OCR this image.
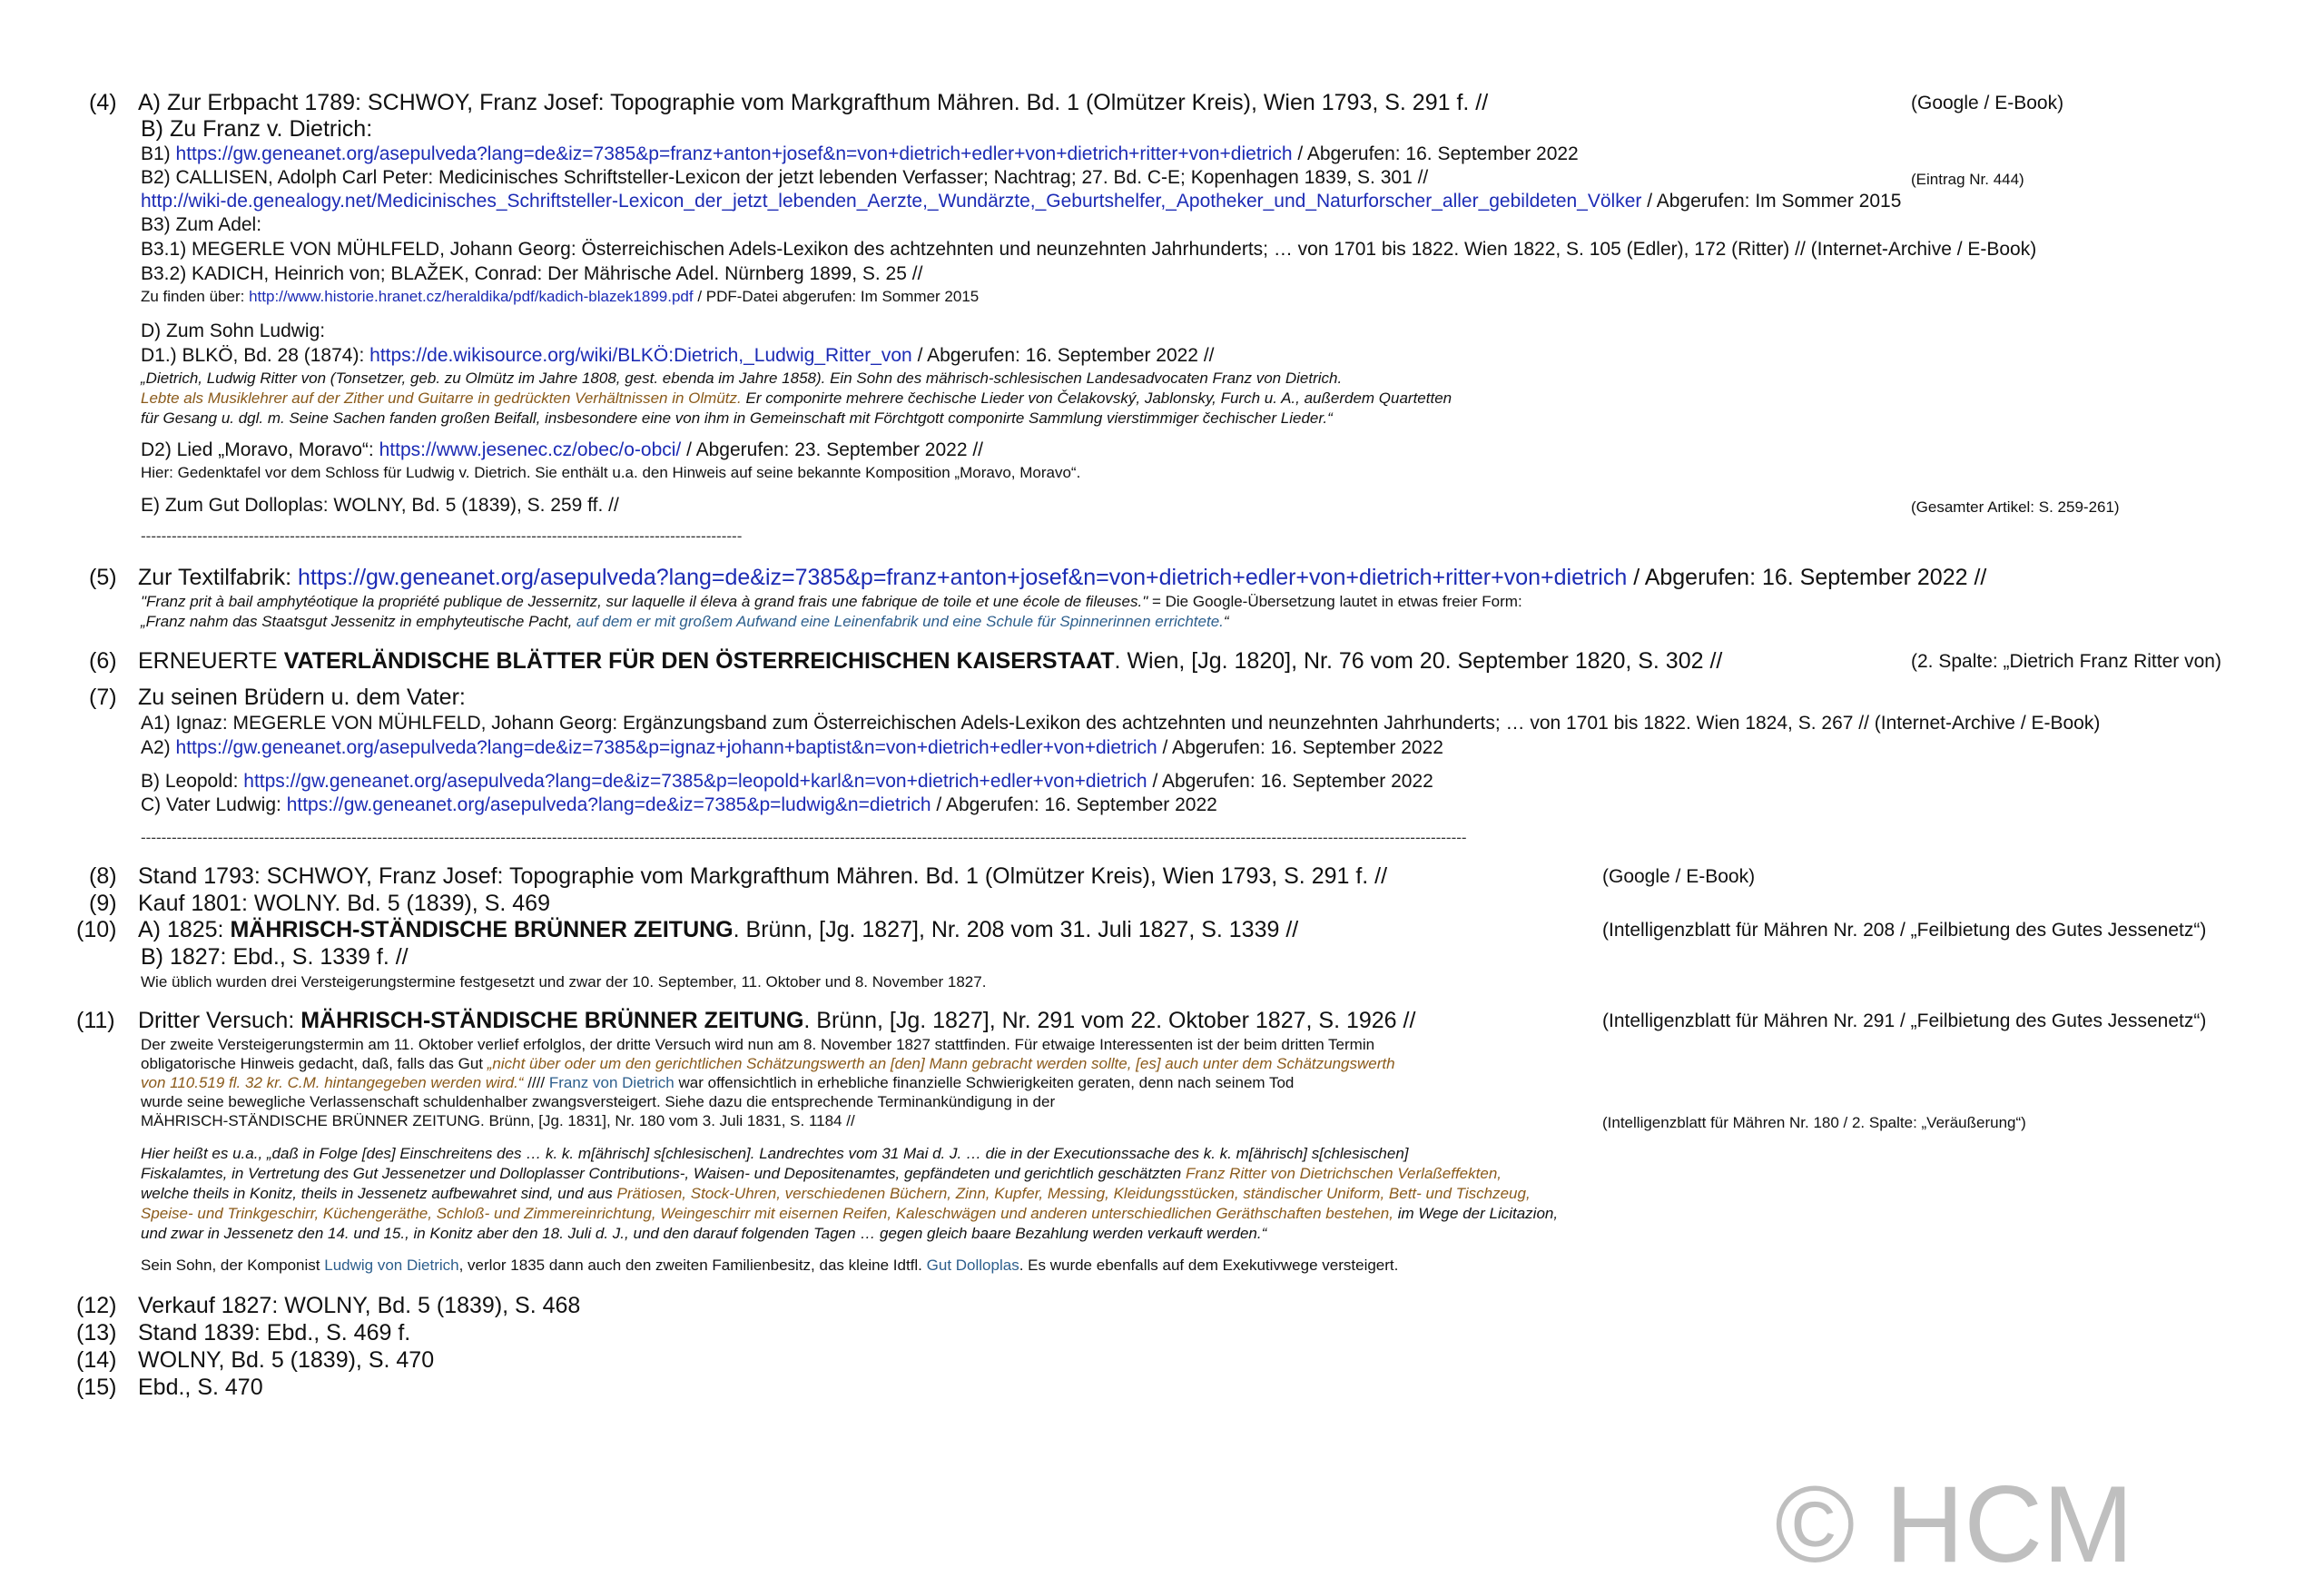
(4) A) Zur Erbpacht 1789: SCHWOY, Franz Josef: Topographie vom Markgrafthum Mähren. Bd. 1 (Olmützer Kreis), Wien 1793, S. 291 f. //	(Google / E-Book)
B) Zu Franz v. Dietrich:
B1) https://gw.geneanet.org/asepulveda?lang=de&iz=7385&p=franz+anton+josef&n=von+dietrich+edler+von+dietrich+ritter+von+dietrich / Abgerufen: 16. September 2022
B2) CALLISEN, Adolph Carl Peter: Medicinisches Schriftsteller-Lexicon der jetzt lebenden Verfasser; Nachtrag; 27. Bd. C-E; Kopenhagen 1839, S. 301 //	(Eintrag Nr. 444)
http://wiki-de.genealogy.net/Medicinisches_Schriftsteller-Lexicon_der_jetzt_lebenden_Aerzte,_Wundärzte,_Geburtshelfer,_Apotheker_und_Naturforscher_aller_gebildeten_Völker / Abgerufen: Im Sommer 2015
B3) Zum Adel:
B3.1) MEGERLE VON MÜHLFELD, Johann Georg: Österreichischen Adels-Lexikon des achtzehnten und neunzehnten Jahrhunderts; … von 1701 bis 1822. Wien 1822, S. 105 (Edler), 172 (Ritter) // (Internet-Archive / E-Book)
B3.2) KADICH, Heinrich von; BLAŽEK, Conrad: Der Mährische Adel. Nürnberg 1899, S. 25 //
Zu finden über: http://www.historie.hranet.cz/heraldika/pdf/kadich-blazek1899.pdf / PDF-Datei abgerufen: Im Sommer 2015
D) Zum Sohn Ludwig:
D1.) BLKÖ, Bd. 28 (1874): https://de.wikisource.org/wiki/BLKÖ:Dietrich,_Ludwig_Ritter_von / Abgerufen: 16. September 2022 //
„Dietrich, Ludwig Ritter von (Tonsetzer, geb. zu Olmütz im Jahre 1808, gest. ebenda im Jahre 1858). Ein Sohn des mährisch-schlesischen Landesadvocaten Franz von Dietrich.
Lebte als Musiklehrer auf der Zither und Guitarre in gedrückten Verhältnissen in Olmütz. Er componirte mehrere čechische Lieder von Čelakovský, Jablonsky, Furch u. A., außerdem Quartetten
für Gesang u. dgl. m. Seine Sachen fanden großen Beifall, insbesondere eine von ihm in Gemeinschaft mit Förchtgott componirte Sammlung vierstimmiger čechischer Lieder.“
D2) Lied „Moravo, Moravo“: https://www.jesenec.cz/obec/o-obci/ / Abgerufen: 23. September 2022 //
Hier: Gedenktafel vor dem Schloss für Ludwig v. Dietrich. Sie enthält u.a. den Hinweis auf seine bekannte Komposition „Moravo, Moravo“.
E) Zum Gut Dolloplas: WOLNY, Bd. 5 (1839), S. 259 ff. //	(Gesamter Artikel: S. 259-261)
---------------------------------------------------------------------------------------------------------------------
(5) Zur Textilfabrik: https://gw.geneanet.org/asepulveda?lang=de&iz=7385&p=franz+anton+josef&n=von+dietrich+edler+von+dietrich+ritter+von+dietrich / Abgerufen: 16. September 2022 //
"Franz prit à bail amphytéotique la propriété publique de Jessernitz, sur laquelle il éleva à grand frais une fabrique de toile et une école de fileuses." = Die Google-Übersetzung lautet in etwas freier Form:
„Franz nahm das Staatsgut Jessenitz in emphyteutische Pacht, auf dem er mit großem Aufwand eine Leinenfabrik und eine Schule für Spinnerinnen errichtete.“
(6) ERNEUERTE VATERLÄNDISCHE BLÄTTER FÜR DEN ÖSTERREICHISCHEN KAISERSTAAT. Wien, [Jg. 1820], Nr. 76 vom 20. September 1820, S. 302 //	(2. Spalte: „Dietrich Franz Ritter von)
(7) Zu seinen Brüdern u. dem Vater:
A1) Ignaz: MEGERLE VON MÜHLFELD, Johann Georg: Ergänzungsband zum Österreichischen Adels-Lexikon des achtzehnten und neunzehnten Jahrhunderts; … von 1701 bis 1822. Wien 1824, S. 267 // (Internet-Archive / E-Book)
A2) https://gw.geneanet.org/asepulveda?lang=de&iz=7385&p=ignaz+johann+baptist&n=von+dietrich+edler+von+dietrich / Abgerufen: 16. September 2022
B) Leopold: https://gw.geneanet.org/asepulveda?lang=de&iz=7385&p=leopold+karl&n=von+dietrich+edler+von+dietrich / Abgerufen: 16. September 2022
C) Vater Ludwig: https://gw.geneanet.org/asepulveda?lang=de&iz=7385&p=ludwig&n=dietrich / Abgerufen: 16. September 2022
------------------------------------------------------------------------------------------------------------------------------------------------------------------------------------------------------------------------------------------------------------------
(8) Stand 1793: SCHWOY, Franz Josef: Topographie vom Markgrafthum Mähren. Bd. 1 (Olmützer Kreis), Wien 1793, S. 291 f. //	(Google / E-Book)
(9) Kauf 1801: WOLNY. Bd. 5 (1839), S. 469
(10) A) 1825: MÄHRISCH-STÄNDISCHE BRÜNNER ZEITUNG. Brünn, [Jg. 1827], Nr. 208 vom 31. Juli 1827, S. 1339 //	(Intelligenzblatt für Mähren Nr. 208 / „Feilbietung des Gutes Jessenetz“)
B) 1827: Ebd., S. 1339 f. //
Wie üblich wurden drei Versteigerungstermine festgesetzt und zwar der 10. September, 11. Oktober und 8. November 1827.
(11) Dritter Versuch: MÄHRISCH-STÄNDISCHE BRÜNNER ZEITUNG. Brünn, [Jg. 1827], Nr. 291 vom 22. Oktober 1827, S. 1926 //	(Intelligenzblatt für Mähren Nr. 291 / „Feilbietung des Gutes Jessenetz“)
Der zweite Versteigerungstermin am 11. Oktober verlief erfolglos, der dritte Versuch wird nun am 8. November 1827 stattfinden. Für etwaige Interessenten ist der beim dritten Termin
obligatorische Hinweis gedacht, daß, falls das Gut „nicht über oder um den gerichtlichen Schätzungswerth an [den] Mann gebracht werden sollte, [es] auch unter dem Schätzungswerth
von 110.519 fl. 32 kr. C.M. hintangegeben werden wird.“ //// Franz von Dietrich war offensichtlich in erhebliche finanzielle Schwierigkeiten geraten, denn nach seinem Tod
wurde seine bewegliche Verlassenschaft schuldenhalber zwangsversteigert. Siehe dazu die entsprechende Terminankündigung in der
MÄHRISCH-STÄNDISCHE BRÜNNER ZEITUNG. Brünn, [Jg. 1831], Nr. 180 vom 3. Juli 1831, S. 1184 //	(Intelligenzblatt für Mähren Nr. 180 / 2. Spalte: „Veräußerung“)
Hier heißt es u.a., „daß in Folge [des] Einschreitens des … k. k. m[ährisch] s[chlesischen]. Landrechtes vom 31 Mai d. J. … die in der Executionssache des k. k. m[ährisch] s[chlesischen]
Fiskalamtes, in Vertretung des Gut Jessenetzer und Dolloplasser Contributions-, Waisen- und Depositenamtes, gepfändeten und gerichtlich geschätzten Franz Ritter von Dietrichschen Verlaßeffekten,
welche theils in Konitz, theils in Jessenetz aufbewahret sind, und aus Prätiosen, Stock-Uhren, verschiedenen Büchern, Zinn, Kupfer, Messing, Kleidungsstücken, ständischer Uniform, Bett- und Tischzeug,
Speise- und Trinkgeschirr, Küchengeräthe, Schloß- und Zimmereinrichtung, Weingeschirr mit eisernen Reifen, Kaleschwägen und anderen unterschiedlichen Geräthschaften bestehen, im Wege der Licitazion,
und zwar in Jessenetz den 14. und 15., in Konitz aber den 18. Juli d. J., und den darauf folgenden Tagen … gegen gleich baare Bezahlung werden verkauft werden.“
Sein Sohn, der Komponist Ludwig von Dietrich, verlor 1835 dann auch den zweiten Familienbesitz, das kleine Idtfl. Gut Dolloplas. Es wurde ebenfalls auf dem Exekutivwege versteigert.
(12) Verkauf 1827: WOLNY, Bd. 5 (1839), S. 468
(13) Stand 1839: Ebd., S. 469 f.
(14) WOLNY, Bd. 5 (1839), S. 470
(15) Ebd., S. 470
© HCM
